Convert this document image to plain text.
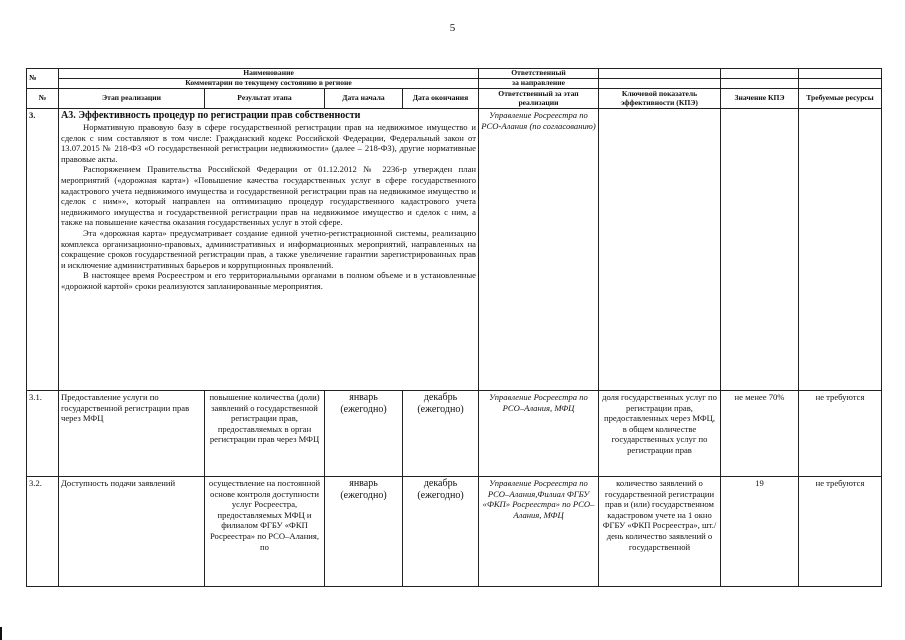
5
№	Наименование				Ответственный			
	Комментарии по текущему состоянию в регионе				за направление			
№	Этап реализации	Результат этапа	Дата начала	Дата окончания	Ответственный за этап реализации	Ключевой показатель эффективности (КПЭ)	Значение КПЭ	Требуемые ресурсы
3.	А3. Эффективность процедур по регистрации прав собственности
Нормативную правовую базу в сфере государственной регистрации прав на недвижимое имущество и сделок с ним составляют в том числе: Гражданский кодекс Российской Федерации, Федеральный закон от 13.07.2015 № 218-ФЗ «О государственной регистрации недвижимости» (далее – 218-ФЗ), другие нормативные правовые акты.
Распоряжением Правительства Российской Федерации от 01.12.2012 № 2236-р утвержден план мероприятий («дорожная карта») «Повышение качества государственных услуг в сфере государственного кадастрового учета недвижимого имущества и государственной регистрации прав на недвижимое имущество и сделок с ним»», который направлен на оптимизацию процедур государственного кадастрового учета недвижимого имущества и государственной регистрации прав на недвижимое имущество и сделок с ним, а также на повышение качества оказания государственных услуг в этой сфере.
Эта «дорожная карта» предусматривает создание единой учетно-регистрационной системы, реализацию комплекса организационно-правовых, административных и информационных мероприятий, направленных на сокращение сроков государственной регистрации прав, а также увеличение гарантии зарегистрированных прав и исключение административных барьеров и коррупционных проявлений.
В настоящее время Росреестром и его территориальными органами в полном объеме и в установленные «дорожной картой» сроки реализуются запланированные мероприятия.				Управление Росреестра по РСО-Алания (по согласованию)			
3.1.	Предоставление услуги по государственной регистрации прав через МФЦ	повышение количества (доли) заявлений о государственной регистрации прав, предоставляемых в орган регистрации прав через МФЦ	январь (ежегодно)	декабрь (ежегодно)	Управление Росреестра по РСО–Алания, МФЦ	доля государственных услуг по регистрации прав, предоставленных через МФЦ, в общем количестве государственных услуг по регистрации прав	не менее 70%	не требуются
3.2.	Доступность подачи заявлений	осуществление на постоянной основе контроля доступности услуг Росреестра, предоставляемых МФЦ и филиалом ФГБУ «ФКП Росреестра» по РСО–Алания, по	январь (ежегодно)	декабрь (ежегодно)	Управление Росреестра по РСО–Алания,Филиал ФГБУ «ФКП» Росреестра» по РСО–Алания, МФЦ	количество заявлений о государственной регистрации прав и (или) государственном кадастровом учете на 1 окно ФГБУ «ФКП Росреестра», шт./день количество заявлений о государственной	19	не требуются
